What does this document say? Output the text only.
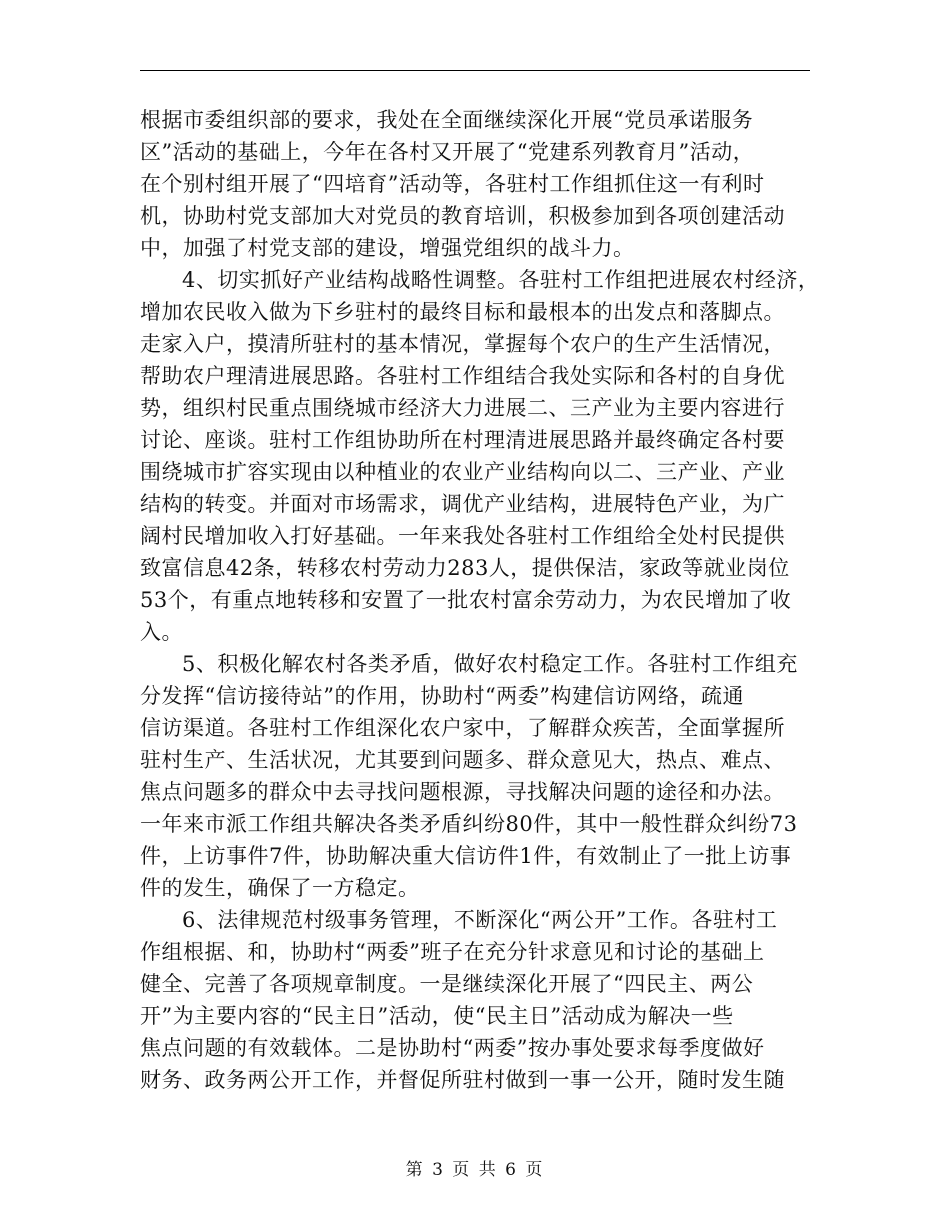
根据市委组织部的要求，我处在全面继续深化开展“党员承诺服务
区”活动的基础上，今年在各村又开展了“党建系列教育月”活动，
在个别村组开展了“四培育”活动等，各驻村工作组抓住这一有利时
机，协助村党支部加大对党员的教育培训，积极参加到各项创建活动
中，加强了村党支部的建设，增强党组织的战斗力。
4、切实抓好产业结构战略性调整。各驻村工作组把进展农村经济，
增加农民收入做为下乡驻村的最终目标和最根本的出发点和落脚点。
走家入户，摸清所驻村的基本情况，掌握每个农户的生产生活情况，
帮助农户理清进展思路。各驻村工作组结合我处实际和各村的自身优
势，组织村民重点围绕城市经济大力进展二、三产业为主要内容进行
讨论、座谈。驻村工作组协助所在村理清进展思路并最终确定各村要
围绕城市扩容实现由以种植业的农业产业结构向以二、三产业、产业
结构的转变。并面对市场需求，调优产业结构，进展特色产业，为广
阔村民增加收入打好基础。一年来我处各驻村工作组给全处村民提供
致富信息42条，转移农村劳动力283人，提供保洁，家政等就业岗位
53个，有重点地转移和安置了一批农村富余劳动力，为农民增加了收
入。
5、积极化解农村各类矛盾，做好农村稳定工作。各驻村工作组充
分发挥“信访接待站”的作用，协助村“两委”构建信访网络，疏通
信访渠道。各驻村工作组深化农户家中，了解群众疾苦，全面掌握所
驻村生产、生活状况，尤其要到问题多、群众意见大，热点、难点、
焦点问题多的群众中去寻找问题根源，寻找解决问题的途径和办法。
一年来市派工作组共解决各类矛盾纠纷80件，其中一般性群众纠纷73
件，上访事件7件，协助解决重大信访件1件，有效制止了一批上访事
件的发生，确保了一方稳定。
6、法律规范村级事务管理，不断深化“两公开”工作。各驻村工
作组根据、和，协助村“两委”班子在充分针求意见和讨论的基础上
健全、完善了各项规章制度。一是继续深化开展了“四民主、两公
开”为主要内容的“民主日”活动，使“民主日”活动成为解决一些
焦点问题的有效载体。二是协助村“两委”按办事处要求每季度做好
财务、政务两公开工作，并督促所驻村做到一事一公开，随时发生随
第 3 页 共 6 页
